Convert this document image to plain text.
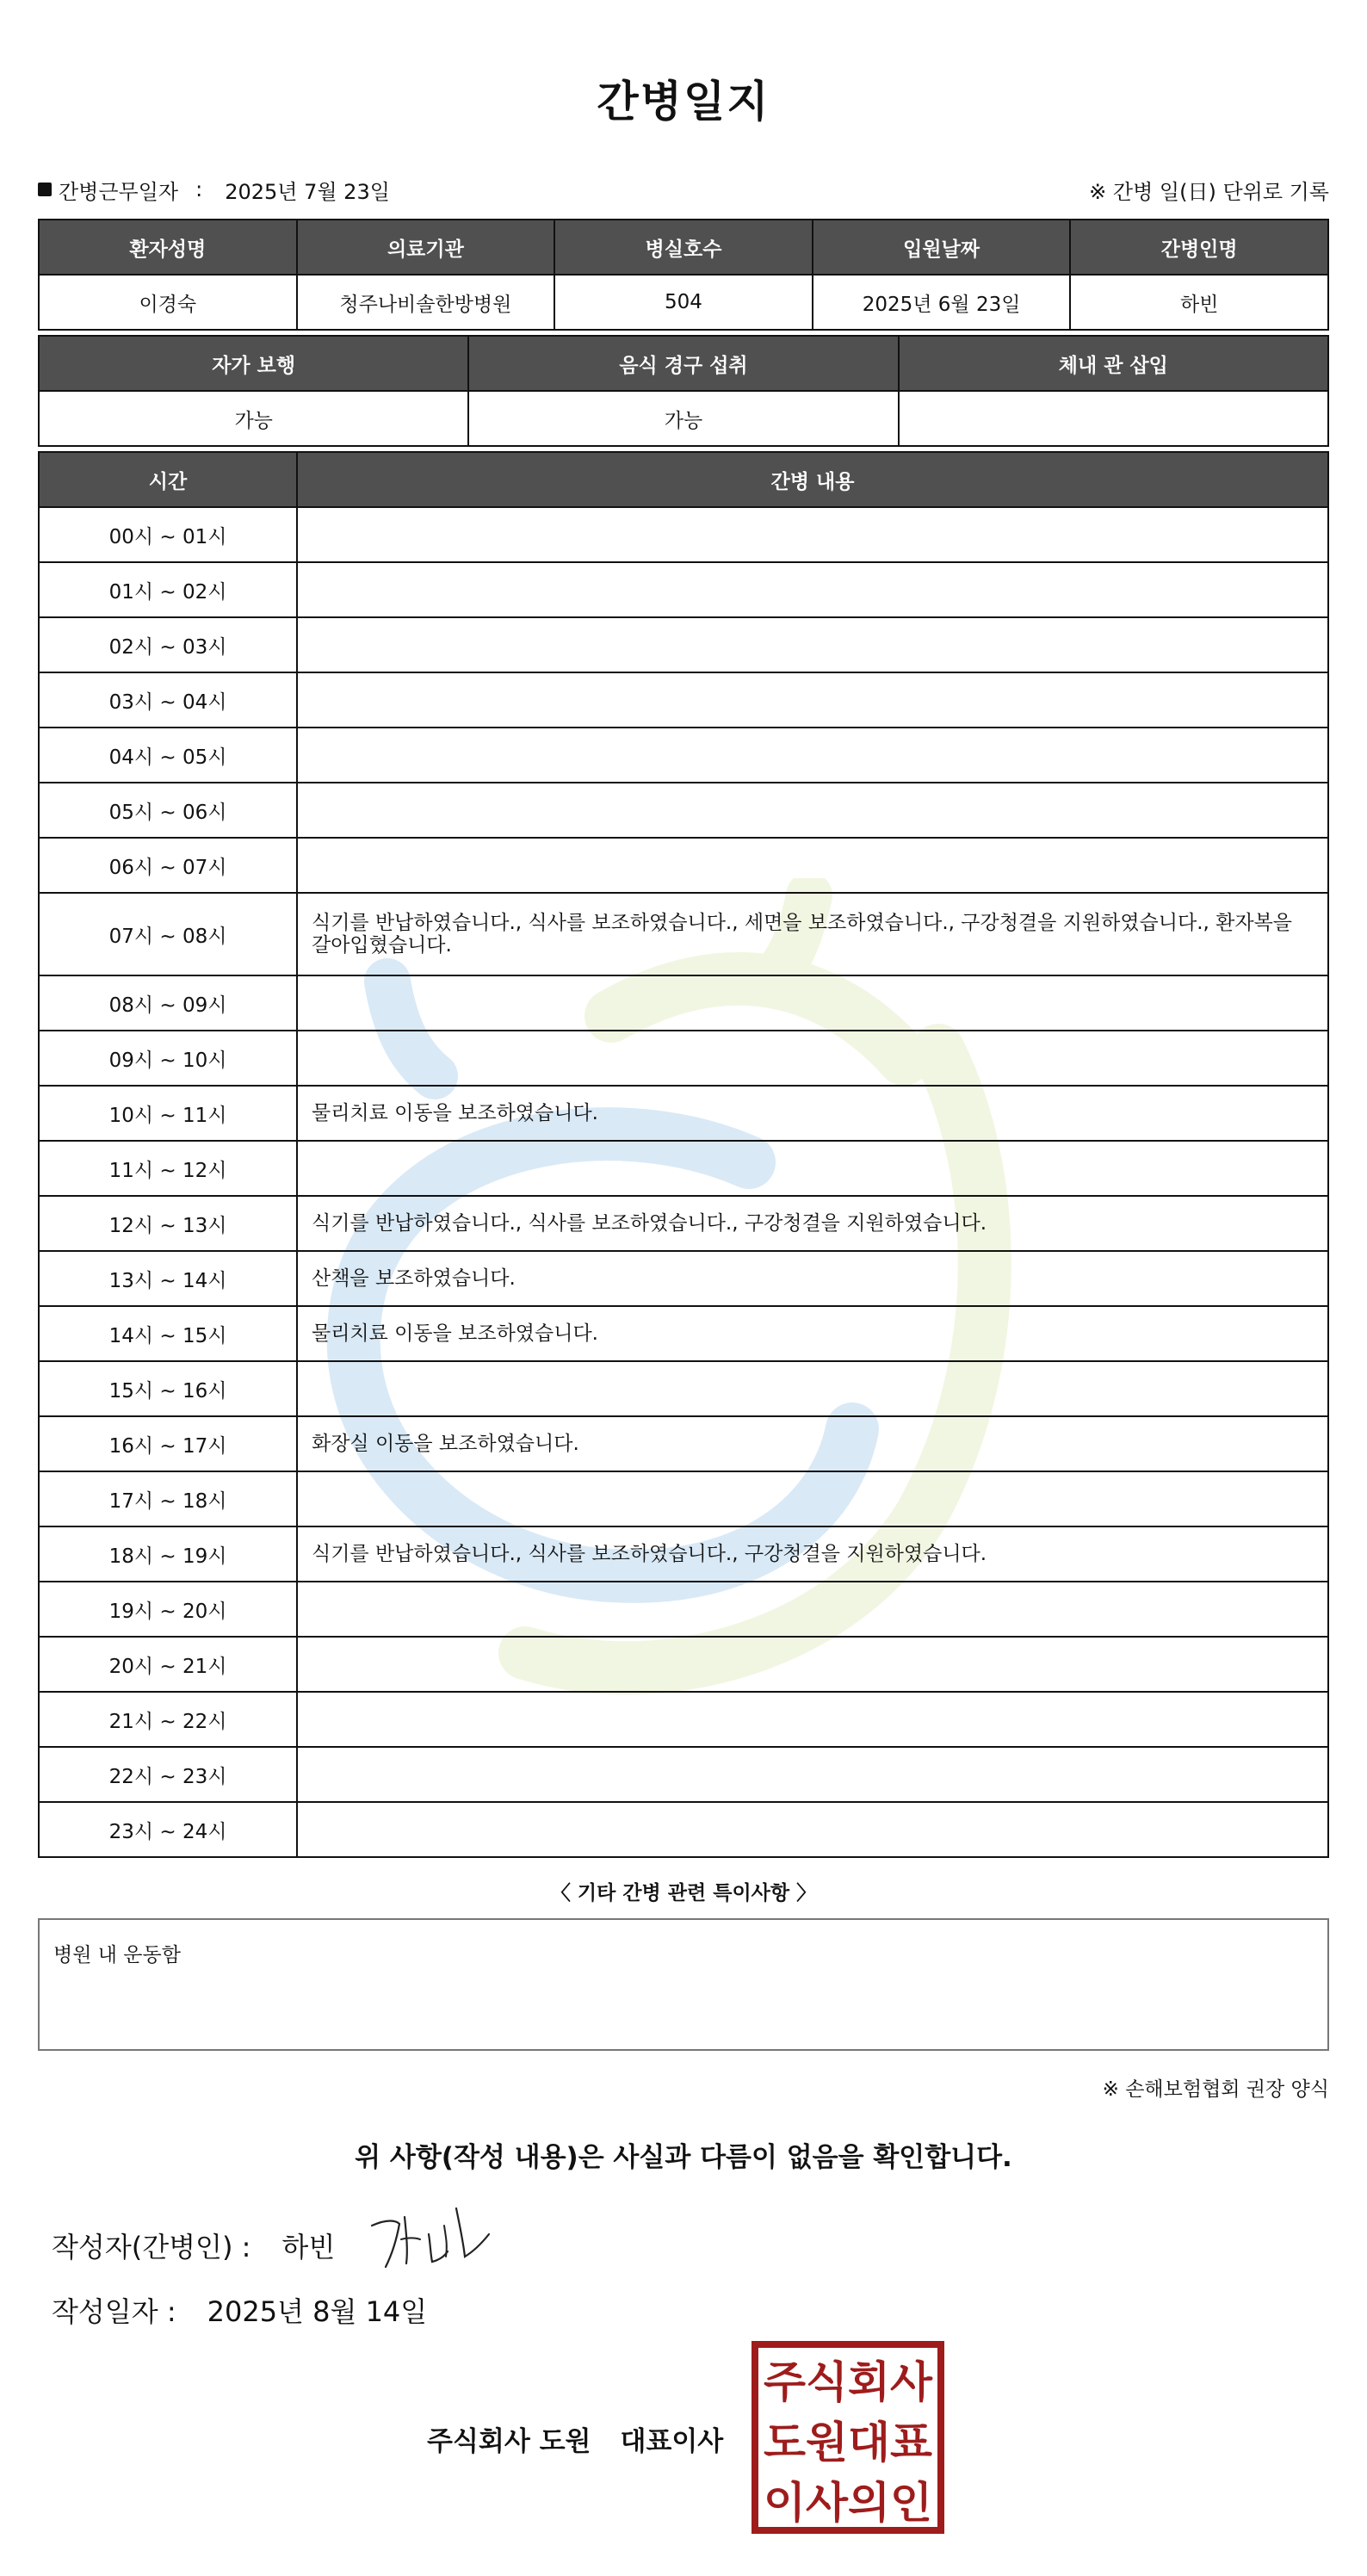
간병일지
간병근무일자 : 2025년 7월 23일	※ 간병 일(日) 단위로 기록
환자성명	의료기관	병실호수	입원날짜	간병인명
이경숙	청주나비솔한방병원	504	2025년 6월 23일	하빈
자가 보행	음식 경구 섭취	체내 관 삽입
가능	가능	
시간	간병 내용
00시 ~ 01시	
01시 ~ 02시	
02시 ~ 03시	
03시 ~ 04시	
04시 ~ 05시	
05시 ~ 06시	
06시 ~ 07시	
07시 ~ 08시	식기를 반납하였습니다., 식사를 보조하였습니다., 세면을 보조하였습니다., 구강청결을 지원하였습니다., 환자복을 갈아입혔습니다.
08시 ~ 09시	
09시 ~ 10시	
10시 ~ 11시	물리치료 이동을 보조하였습니다.
11시 ~ 12시	
12시 ~ 13시	식기를 반납하였습니다., 식사를 보조하였습니다., 구강청결을 지원하였습니다.
13시 ~ 14시	산책을 보조하였습니다.
14시 ~ 15시	물리치료 이동을 보조하였습니다.
15시 ~ 16시	
16시 ~ 17시	화장실 이동을 보조하였습니다.
17시 ~ 18시	
18시 ~ 19시	식기를 반납하였습니다., 식사를 보조하였습니다., 구강청결을 지원하였습니다.
19시 ~ 20시	
20시 ~ 21시	
21시 ~ 22시	
22시 ~ 23시	
23시 ~ 24시	
〈 기타 간병 관련 특이사항 〉
병원 내 운동함
※ 손해보험협회 권장 양식
위 사항(작성 내용)은 사실과 다름이 없음을 확인합니다.
작성자(간병인) : 하빈
작성일자 : 2025년 8월 14일
주식회사 도원 대표이사
주식회사
도원대표
이사의인
